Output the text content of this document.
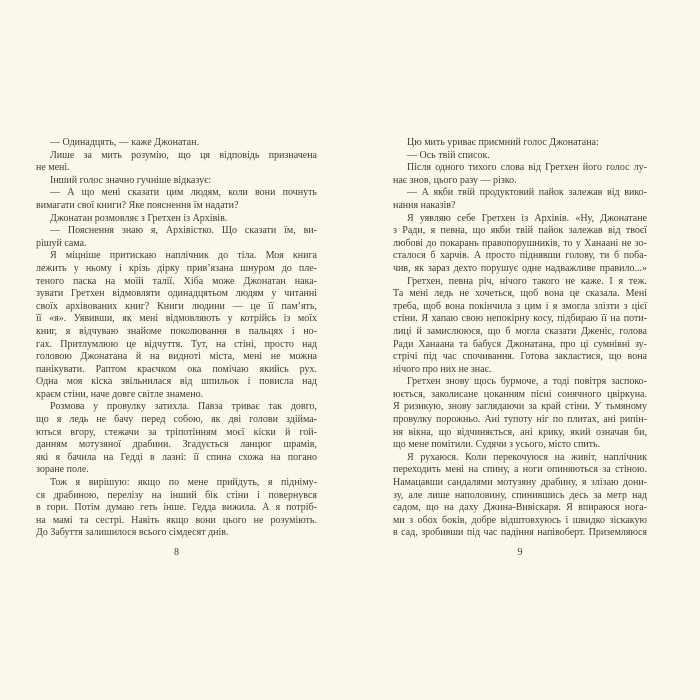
— Одинадцять, — каже Джонатан.
Лише за мить розумію, що ця відповідь призначена
не мені.
Інший голос значно гучніше відказує:
— А що мені сказати цим людям, коли вони почнуть
вимагати свої книги? Яке пояснення їм надати?
Джонатан розмовляє з Гретхен із Архівів.
— Пояснення знаю я, Архівістко. Що сказати їм, ви-
рішуй сама.
Я міцніше притискаю наплічник до тіла. Моя книга
лежить у ньому і крізь дірку прив’язана шнуром до пле-
теного паска на моїй талії. Хіба може Джонатан нака-
зувати Гретхен відмовляти одинадцятьом людям у читанні
своїх архівованих книг? Книги людини — це її пам’ять,
її «я». Уявивши, як мені відмовляють у котрійсь із моїх
книг, я відчуваю знайоме поколювання в пальцях і но-
гах. Притлумлюю це відчуття. Тут, на стіні, просто над
головою Джонатана й на видноті міста, мені не можна
панікувати. Раптом краєчком ока помічаю якийсь рух.
Одна моя кіска звільнилася від шпильок і повисла над
краєм стіни, наче довге світле знамено.
Розмова у провулку затихла. Павза триває так довго,
що я ледь не бачу перед собою, як дві голови здійма-
ються вгору, стежачи за тріпотінням моєї кіски й гой-
данням мотузяної драбини. Згадується ланцюг шрамів,
які я бачила на Гедді в лазні: її спина схожа на погано
зоране поле.
Тож я вирішую: якщо по мене прийдуть, я підніму-
ся драбиною, перелізу на інший бік стіни і повернувся
в гори. Потім думаю геть інше. Гедда вижила. А я потріб-
на мамі та сестрі. Навіть якщо вони цього не розуміють.
До Забуття залишилося всього сімдесят днів.
8
Цю мить уриває приємний голос Джонатана:
— Ось твій список.
Після одного тихого слова від Гретхен його голос лу-
нає знов, цього разу — різко.
— А якби твій продуктовий пайок залежав від вико-
нання наказів?
Я уявляю себе Гретхен із Архівів. «Ну, Джонатане
з Ради, я певна, що якби твій пайок залежав від твоєї
любові до покарань правопорушників, то у Ханаані не зо-
сталося б харчів. А просто піднявши голову, ти б поба-
чив, як зараз дехто порушує одне надважливе правило...»
Гретхен, певна річ, нічого такого не каже. І я теж.
Та мені ледь не хочеться, щоб вона це сказала. Мені
треба, щоб вона покінчила з цим і я змогла злізти з цієї
стіни. Я хапаю свою непокірну косу, підбираю її на поти-
лиці й замислююся, що б могла сказати Дженіс, голова
Ради Ханаана та бабуся Джонатана, про ці сумнівні зу-
стрічі під час спочивання. Готова закластися, що вона
нічого про них не знає.
Гретхен знову щось бурмоче, а тоді повітря заспоко-
юється, заколисане цоканням пісні сонячного цвіркуна.
Я ризикую, знову заглядаючи за край стіни. У тьмяному
провулку порожньо. Ані тупоту ніг по плитах, ані рипін-
ня вікна, що відчиняється, ані крику, який означав би,
що мене помітили. Судячи з усього, місто спить.
Я рухаюся. Коли перекочуюся на живіт, наплічник
переходить мені на спину, а ноги опиняються за стіною.
Намацавши сандалями мотузяну драбину, я злізаю дони-
зу, але лише наполовину, спинившись десь за метр над
садом, що на даху Джина-Вивіскаря. Я впираюся нога-
ми з обох боків, добре відштовхуюсь і швидко зіскакую
в сад, зробивши під час падіння напівоберт. Приземляюся
9
